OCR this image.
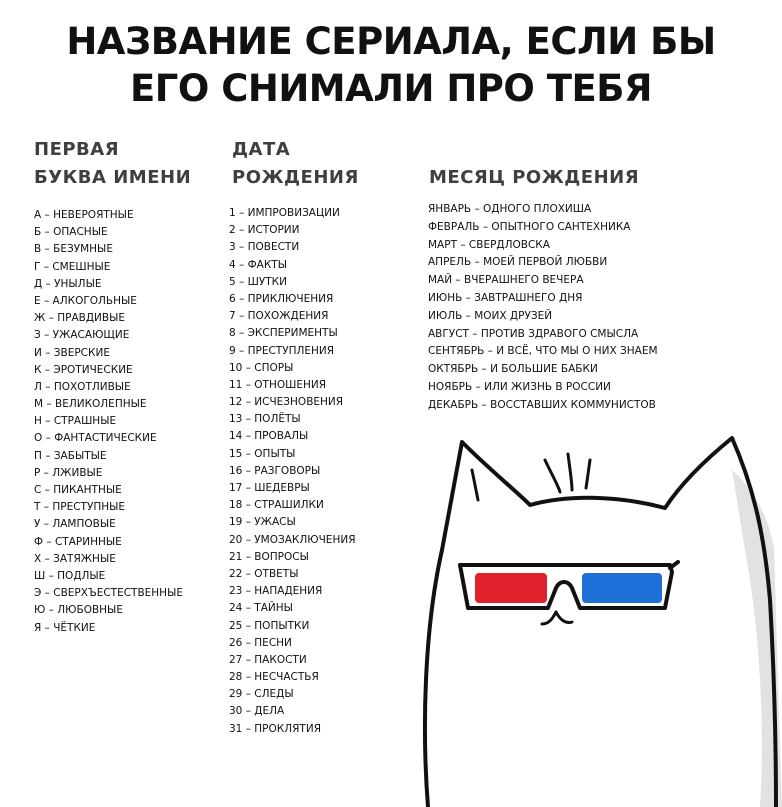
НАЗВАНИЕ СЕРИАЛА, ЕСЛИ БЫ
ЕГО СНИМАЛИ ПРО ТЕБЯ
ПЕРВАЯ
БУКВА ИМЕНИ
ДАТА
РОЖДЕНИЯ	МЕСЯЦ РОЖДЕНИЯ
А – НЕВЕРОЯТНЫЕ
Б – ОПАСНЫЕ
В – БЕЗУМНЫЕ
Г – СМЕШНЫЕ
Д – УНЫЛЫЕ
Е – АЛКОГОЛЬНЫЕ
Ж – ПРАВДИВЫЕ
З – УЖАСАЮЩИЕ
И – ЗВЕРСКИЕ
К – ЭРОТИЧЕСКИЕ
Л – ПОХОТЛИВЫЕ
М – ВЕЛИКОЛЕПНЫЕ
Н – СТРАШНЫЕ
О – ФАНТАСТИЧЕСКИЕ
П – ЗАБЫТЫЕ
Р – ЛЖИВЫЕ
С – ПИКАНТНЫЕ
Т – ПРЕСТУПНЫЕ
У – ЛАМПОВЫЕ
Ф – СТАРИННЫЕ
Х – ЗАТЯЖНЫЕ
Ш – ПОДЛЫЕ
Э – СВЕРХЪЕСТЕСТВЕННЫЕ
Ю – ЛЮБОВНЫЕ
Я – ЧЁТКИЕ
1 – ИМПРОВИЗАЦИИ
2 – ИСТОРИИ
3 – ПОВЕСТИ
4 – ФАКТЫ
5 – ШУТКИ
6 – ПРИКЛЮЧЕНИЯ
7 – ПОХОЖДЕНИЯ
8 – ЭКСПЕРИМЕНТЫ
9 – ПРЕСТУПЛЕНИЯ
10 – СПОРЫ
11 – ОТНОШЕНИЯ
12 – ИСЧЕЗНОВЕНИЯ
13 – ПОЛЁТЫ
14 – ПРОВАЛЫ
15 – ОПЫТЫ
16 – РАЗГОВОРЫ
17 – ШЕДЕВРЫ
18 – СТРАШИЛКИ
19 – УЖАСЫ
20 – УМОЗАКЛЮЧЕНИЯ
21 – ВОПРОСЫ
22 – ОТВЕТЫ
23 – НАПАДЕНИЯ
24 – ТАЙНЫ
25 – ПОПЫТКИ
26 – ПЕСНИ
27 – ПАКОСТИ
28 – НЕСЧАСТЬЯ
29 – СЛЕДЫ
30 – ДЕЛА
31 – ПРОКЛЯТИЯ
ЯНВАРЬ – ОДНОГО ПЛОХИША
ФЕВРАЛЬ – ОПЫТНОГО САНТЕХНИКА
МАРТ – СВЕРДЛОВСКА
АПРЕЛЬ – МОЕЙ ПЕРВОЙ ЛЮБВИ
МАЙ – ВЧЕРАШНЕГО ВЕЧЕРА
ИЮНЬ – ЗАВТРАШНЕГО ДНЯ
ИЮЛЬ – МОИХ ДРУЗЕЙ
АВГУСТ – ПРОТИВ ЗДРАВОГО СМЫСЛА
СЕНТЯБРЬ – И ВСЁ, ЧТО МЫ О НИХ ЗНАЕМ
ОКТЯБРЬ – И БОЛЬШИЕ БАБКИ
НОЯБРЬ – ИЛИ ЖИЗНЬ В РОССИИ
ДЕКАБРЬ – ВОССТАВШИХ КОММУНИСТОВ
